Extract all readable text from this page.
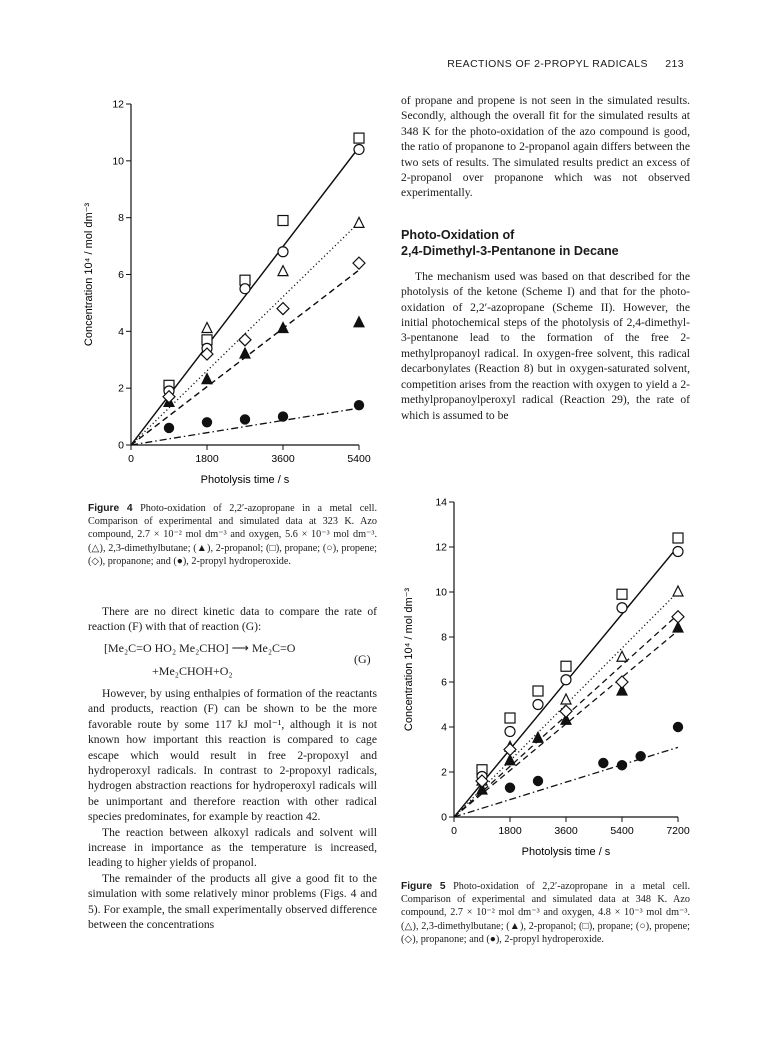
REACTIONS OF 2-PROPYL RADICALS 213
0
2
4
6
8
10
12
0	1800	3600	5400
Photolysis time / s
Concentration 10⁴ / mol dm⁻³
Figure 4 Photo-oxidation of 2,2′-azopropane in a metal cell. Comparison of experimental and simulated data at 323 K. Azo compound, 2.7 × 10⁻² mol dm⁻³ and oxygen, 5.6 × 10⁻³ mol dm⁻³. (△), 2,3-dimethylbutane; (▲), 2-propanol; (□), propane; (○), propene; (◇), propanone; and (●), 2-propyl hydroperoxide.

There are no direct kinetic data to compare the rate of reaction (F) with that of reaction (G):

[Me₂C=O HO₂ Me₂CHO] ⟶ Me₂C=O
(G)
+Me₂CHOH+O₂

However, by using enthalpies of formation of the reactants and products, reaction (F) can be shown to be the more favorable route by some 117 kJ mol⁻¹, although it is not known how important this reaction is compared to cage escape which would result in free 2-propoxyl and hydroperoxyl radicals. In contrast to 2-propoxyl radicals, hydrogen abstraction reactions for hydroperoxyl radicals will be unimportant and therefore reaction with other radical species predominates, for example by reaction 42.

The reaction between alkoxyl radicals and solvent will increase in importance as the temperature is increased, leading to higher yields of propanol.

The remainder of the products all give a good fit to the simulation with some relatively minor problems (Figs. 4 and 5). For example, the small experimentally observed difference between the concentrations

of propane and propene is not seen in the simulated results. Secondly, although the overall fit for the simulated results at 348 K for the photo-oxidation of the azo compound is good, the ratio of propanone to 2-propanol again differs between the two sets of results. The simulated results predict an excess of 2-propanol over propanone which was not observed experimentally.

Photo-Oxidation of

2,4-Dimethyl-3-Pentanone in Decane

The mechanism used was based on that described for the photolysis of the ketone (Scheme I) and that for the photo-oxidation of 2,2′-azopropane (Scheme II). However, the initial photochemical steps of the photolysis of 2,4-dimethyl-3-pentanone lead to the formation of the free 2-methylpropanoyl radical. In oxygen-free solvent, this radical decarbonylates (Reaction 8) but in oxygen-saturated solvent, competition arises from the reaction with oxygen to yield a 2-methylpropanoylperoxyl radical (Reaction 29), the rate of which is assumed to be

0
2
4
6
8
10
12
14
0	1800	3600	5400	7200
Photolysis time / s
Concentration 10⁴ / mol dm⁻³
Figure 5 Photo-oxidation of 2,2′-azopropane in a metal cell. Comparison of experimental and simulated data at 348 K. Azo compound, 2.7 × 10⁻² mol dm⁻³ and oxygen, 4.8 × 10⁻³ mol dm⁻³. (△), 2,3-dimethylbutane; (▲), 2-propanol; (□), propane; (○), propene; (◇), propanone; and (●), 2-propyl hydroperoxide.
